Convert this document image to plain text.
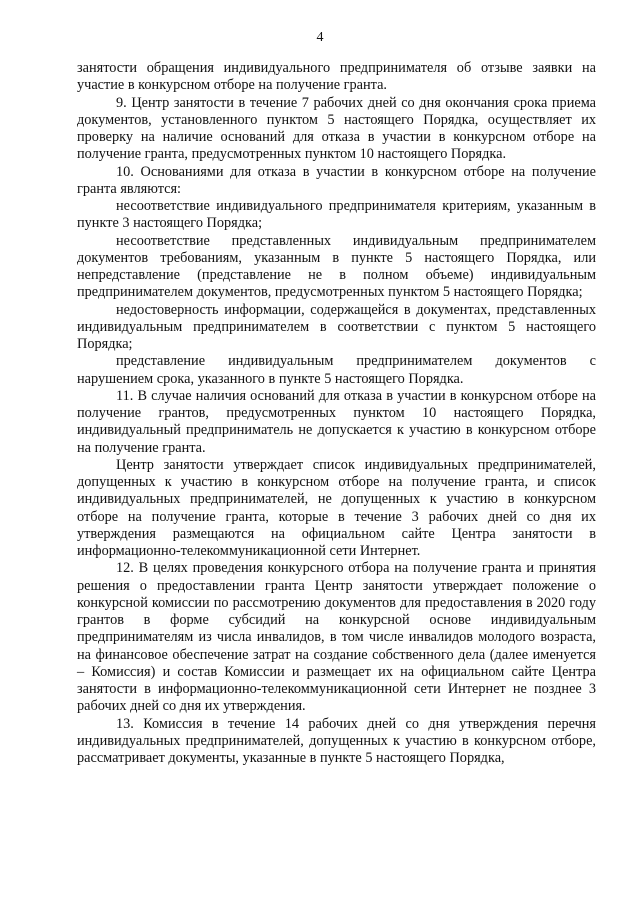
4

занятости обращения индивидуального предпринимателя об отзыве заявки на участие в конкурсном отборе на получение гранта.

9. Центр занятости в течение 7 рабочих дней со дня окончания срока приема документов, установленного пунктом 5 настоящего Порядка, осуществляет их проверку на наличие оснований для отказа в участии в конкурсном отборе на получение гранта, предусмотренных пунктом 10 настоящего Порядка.

10. Основаниями для отказа в участии в конкурсном отборе на получение гранта являются:

несоответствие индивидуального предпринимателя критериям, указанным в пункте 3 настоящего Порядка;

несоответствие представленных индивидуальным предпринимателем документов требованиям, указанным в пункте 5 настоящего Порядка, или непредставление (представление не в полном объеме) индивидуальным предпринимателем документов, предусмотренных пунктом 5 настоящего Порядка;

недостоверность информации, содержащейся в документах, представленных индивидуальным предпринимателем в соответствии с пунктом 5 настоящего Порядка;

представление индивидуальным предпринимателем документов с нарушением срока, указанного в пункте 5 настоящего Порядка.

11. В случае наличия оснований для отказа в участии в конкурсном отборе на получение грантов, предусмотренных пунктом 10 настоящего Порядка, индивидуальный предприниматель не допускается к участию в конкурсном отборе на получение гранта.

Центр занятости утверждает список индивидуальных предпринимателей, допущенных к участию в конкурсном отборе на получение гранта, и список индивидуальных предпринимателей, не допущенных к участию в конкурсном отборе на получение гранта, которые в течение 3 рабочих дней со дня их утверждения размещаются на официальном сайте Центра занятости в информационно-телекоммуникационной сети Интернет.

12. В целях проведения конкурсного отбора на получение гранта и принятия решения о предоставлении гранта Центр занятости утверждает положение о конкурсной комиссии по рассмотрению документов для предоставления в 2020 году грантов в форме субсидий на конкурсной основе индивидуальным предпринимателям из числа инвалидов, в том числе инвалидов молодого возраста, на финансовое обеспечение затрат на создание собственного дела (далее именуется – Комиссия) и состав Комиссии и размещает их на официальном сайте Центра занятости в информационно-телекоммуникационной сети Интернет не позднее 3 рабочих дней со дня их утверждения.

13. Комиссия в течение 14 рабочих дней со дня утверждения перечня индивидуальных предпринимателей, допущенных к участию в конкурсном отборе, рассматривает документы, указанные в пункте 5 настоящего Порядка,
